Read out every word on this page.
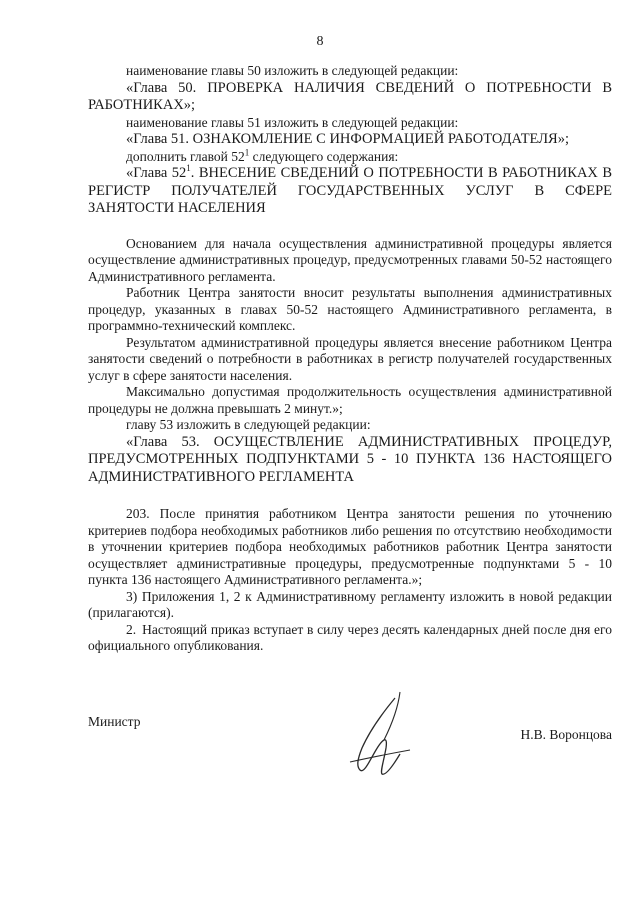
8

наименование главы 50 изложить в следующей редакции:

«Глава 50. ПРОВЕРКА НАЛИЧИЯ СВЕДЕНИЙ О ПОТРЕБНОСТИ В РАБОТНИКАХ»;

наименование главы 51 изложить в следующей редакции:

«Глава 51. ОЗНАКОМЛЕНИЕ С ИНФОРМАЦИЕЙ РАБОТОДАТЕЛЯ»;

дополнить главой $52^1$ следующего содержания:

«Глава $52^1$. ВНЕСЕНИЕ СВЕДЕНИЙ О ПОТРЕБНОСТИ В РАБОТНИКАХ В РЕГИСТР ПОЛУЧАТЕЛЕЙ ГОСУДАРСТВЕННЫХ УСЛУГ В СФЕРЕ ЗАНЯТОСТИ НАСЕЛЕНИЯ

Основанием для начала осуществления административной процедуры является осуществление административных процедур, предусмотренных главами 50-52 настоящего Административного регламента.

Работник Центра занятости вносит результаты выполнения административных процедур, указанных в главах 50-52 настоящего Административного регламента, в программно-технический комплекс.

Результатом административной процедуры является внесение работником Центра занятости сведений о потребности в работниках в регистр получателей государственных услуг в сфере занятости населения.

Максимально допустимая продолжительность осуществления административной процедуры не должна превышать 2 минут.»;

главу 53 изложить в следующей редакции:

«Глава 53. ОСУЩЕСТВЛЕНИЕ АДМИНИСТРАТИВНЫХ ПРОЦЕДУР, ПРЕДУСМОТРЕННЫХ ПОДПУНКТАМИ 5 - 10 ПУНКТА 136 НАСТОЯЩЕГО АДМИНИСТРАТИВНОГО РЕГЛАМЕНТА

203. После принятия работником Центра занятости решения по уточнению критериев подбора необходимых работников либо решения по отсутствию необходимости в уточнении критериев подбора необходимых работников работник Центра занятости осуществляет административные процедуры, предусмотренные подпунктами 5 - 10 пункта 136 настоящего Административного регламента.»;

3) Приложения 1, 2 к Административному регламенту изложить в новой редакции (прилагаются).

2. Настоящий приказ вступает в силу через десять календарных дней после дня его официального опубликования.

Министр
Н.В. Воронцова
